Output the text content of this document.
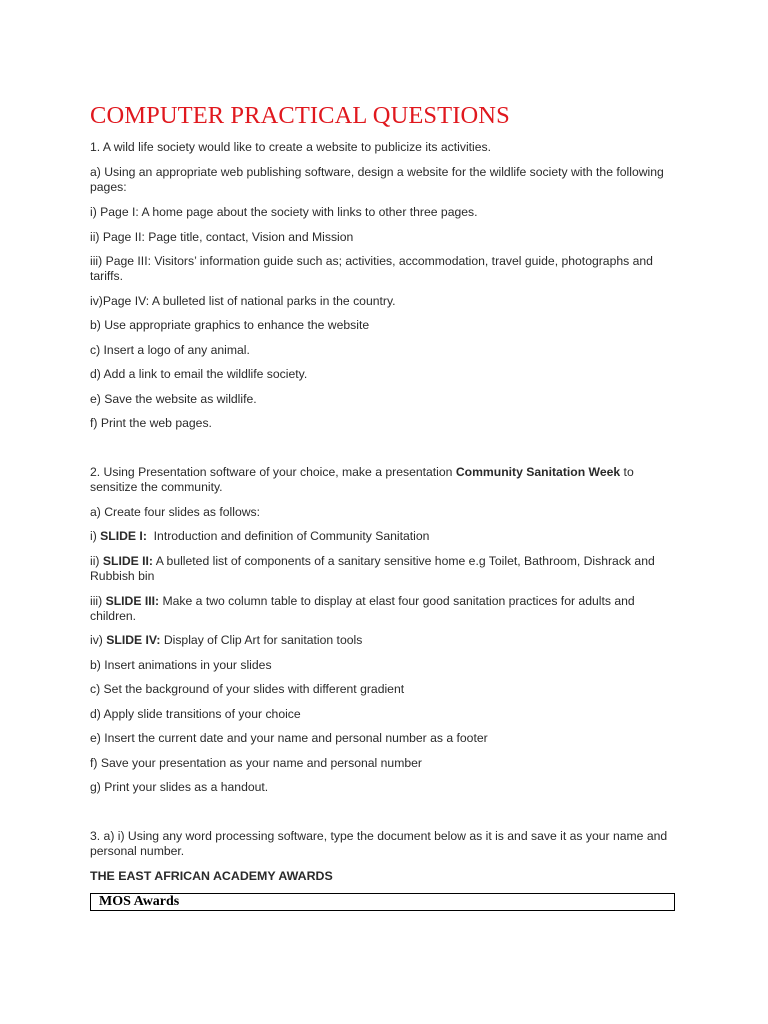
COMPUTER PRACTICAL QUESTIONS

1. A wild life society would like to create a website to publicize its activities.

a) Using an appropriate web publishing software, design a website for the wildlife society with the following pages:

i) Page I: A home page about the society with links to other three pages.

ii) Page II: Page title, contact, Vision and Mission

iii) Page III: Visitors’ information guide such as; activities, accommodation, travel guide, photographs and tariffs.

iv)Page IV: A bulleted list of national parks in the country.

b) Use appropriate graphics to enhance the website

c) Insert a logo of any animal.

d) Add a link to email the wildlife society.

e) Save the website as wildlife.

f) Print the web pages.

2. Using Presentation software of your choice, make a presentation Community Sanitation Week to sensitize the community.

a) Create four slides as follows:

i) SLIDE I:  Introduction and definition of Community Sanitation

ii) SLIDE II: A bulleted list of components of a sanitary sensitive home e.g Toilet, Bathroom, Dishrack and Rubbish bin

iii) SLIDE III: Make a two column table to display at elast four good sanitation practices for adults and children.

iv) SLIDE IV: Display of Clip Art for sanitation tools

b) Insert animations in your slides

c) Set the background of your slides with different gradient

d) Apply slide transitions of your choice

e) Insert the current date and your name and personal number as a footer

f) Save your presentation as your name and personal number

g) Print your slides as a handout.

3. a) i) Using any word processing software, type the document below as it is and save it as your name and personal number.

THE EAST AFRICAN ACADEMY AWARDS

MOS Awards
